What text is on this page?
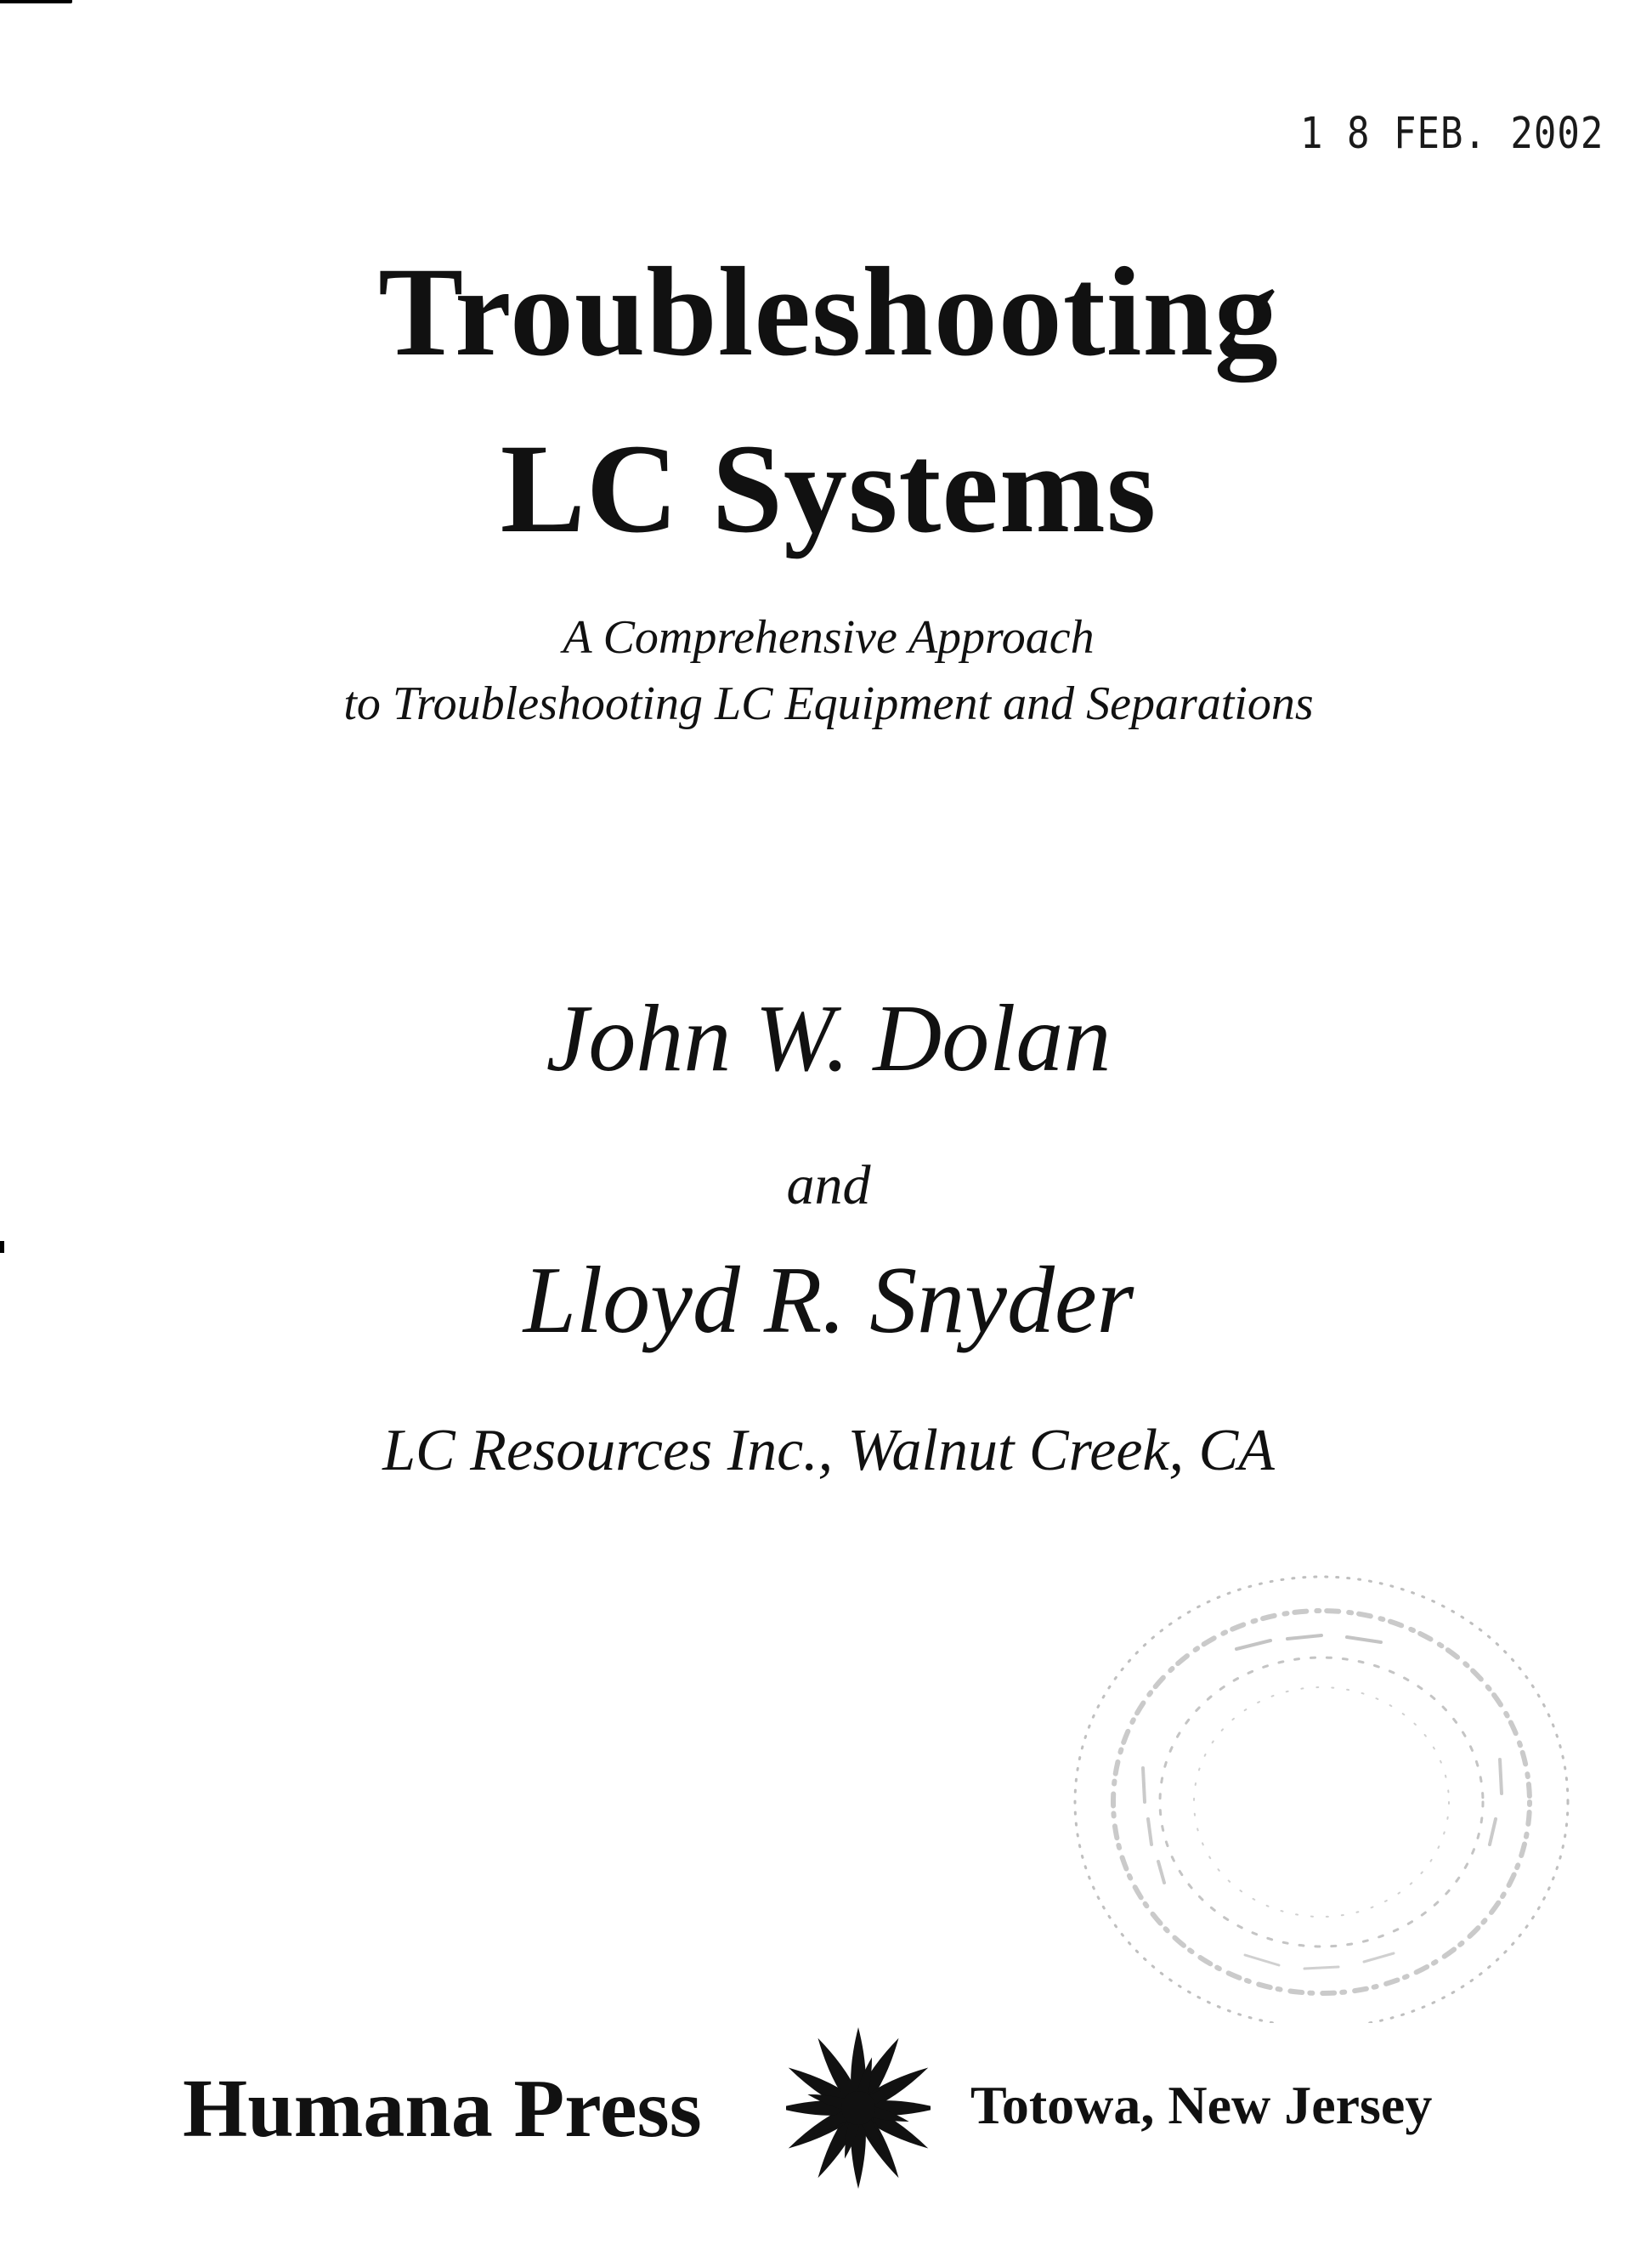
1 8 FEB. 2002
Troubleshooting
LC Systems
A Comprehensive Approach
to Troubleshooting LC Equipment and Separations
John W. Dolan
and
Lloyd R. Snyder
LC Resources Inc., Walnut Creek, CA
Humana Press	Totowa, New Jersey
